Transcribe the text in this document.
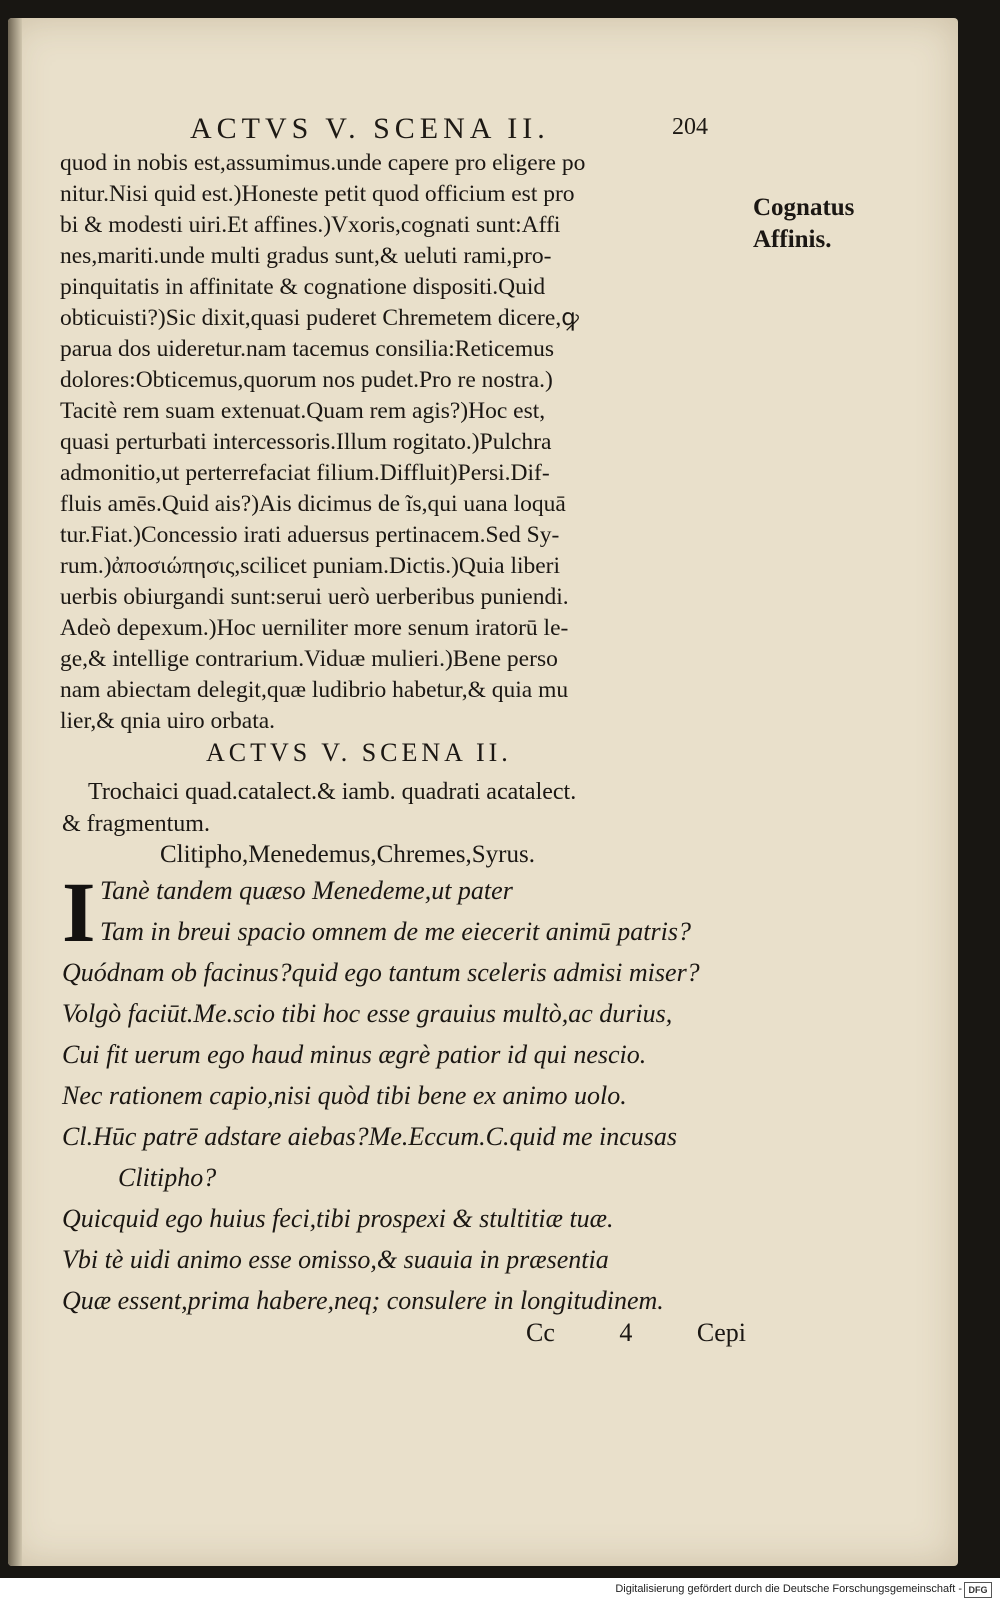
ACTVS V. SCENA II.	204
quod in nobis est,assumimus.unde capere pro eligere po
nitur.Nisi quid est.)Honeste petit quod officium est pro
bi & modesti uiri.Et affines.)Vxoris,cognati sunt:Affi
nes,mariti.unde multi gradus sunt,& ueluti rami,pro-
pinquitatis in affinitate & cognatione dispositi.Quid
obticuisti?)Sic dixit,quasi puderet Chremetem dicere,ꝙ
parua dos uideretur.nam tacemus consilia:Reticemus
dolores:Obticemus,quorum nos pudet.Pro re nostra.)
Tacitè rem suam extenuat.Quam rem agis?)Hoc est,
quasi perturbati intercessoris.Illum rogitato.)Pulchra
admonitio,ut perterrefaciat filium.Diffluit)Persi.Dif-
fluis amēs.Quid ais?)Ais dicimus de ĩs,qui uana loquā
tur.Fiat.)Concessio irati aduersus pertinacem.Sed Sy-
rum.)ἀποσιώπησις,scilicet puniam.Dictis.)Quia liberi
uerbis obiurgandi sunt:serui uerò uerberibus puniendi.
Adeò depexum.)Hoc uerniliter more senum iratorū le-
ge,& intellige contrarium.Viduæ mulieri.)Bene perso
nam abiectam delegit,quæ ludibrio habetur,& quia mu
lier,& qnia uiro orbata.
Cognatus
Affinis.
ACTVS V. SCENA II.
Trochaici quad.catalect.& iamb. quadrati acatalect.
& fragmentum.
Clitipho,Menedemus,Chremes,Syrus.
I Tanè tandem quæso Menedeme,ut pater
Tam in breui spacio omnem de me eiecerit animū patris?
Quódnam ob facinus?quid ego tantum sceleris admisi miser?
Volgò faciūt.Me.scio tibi hoc esse grauius multò,ac durius,
Cui fit uerum ego haud minus ægrè patior id qui nescio.
Nec rationem capio,nisi quòd tibi bene ex animo uolo.
Cl.Hūc patrē adstare aiebas?Me.Eccum.C.quid me incusas
Clitipho?
Quicquid ego huius feci,tibi prospexi & stultitiæ tuæ.
Vbi tè uidi animo esse omisso,& suauia in præsentia
Quæ essent,prima habere,neq; consulere in longitudinem.
Cc 4 Cepi
Digitalisierung gefördert durch die Deutsche Forschungsgemeinschaft - DFG
